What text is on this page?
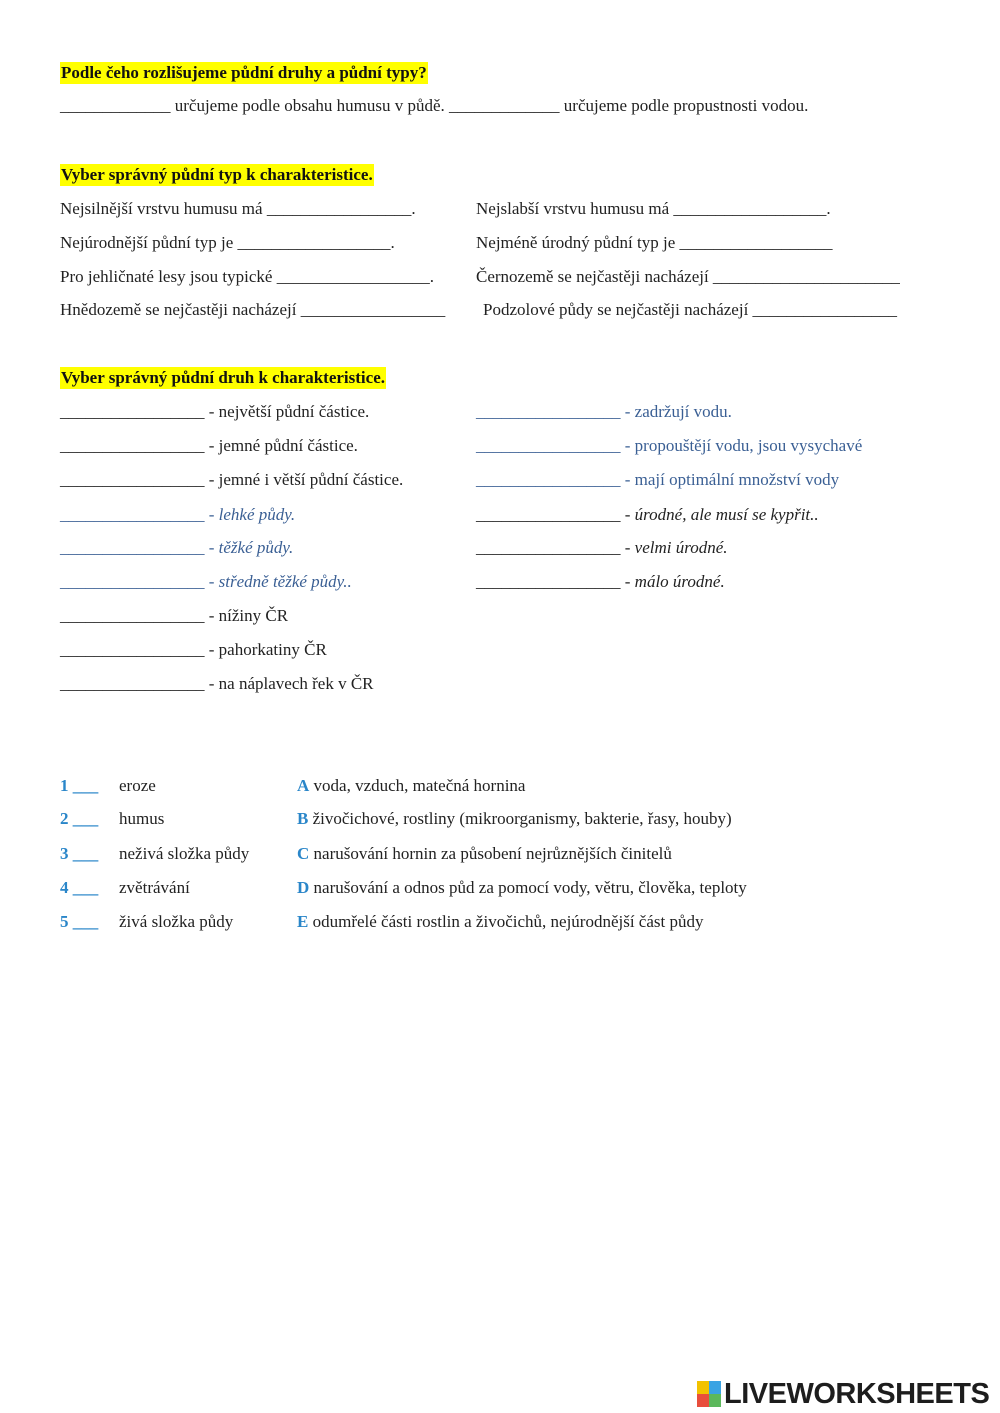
Podle čeho rozlišujeme půdní druhy a půdní typy?
_____________ určujeme podle obsahu humusu v půdě. _____________ určujeme podle propustnosti vodou.
Vyber správný půdní typ k charakteristice.
Nejsilnější vrstvu humusu má _________________.	Nejslabší vrstvu humusu má __________________.
Nejúrodnější půdní typ je __________________.	Nejméně úrodný půdní typ je __________________
Pro jehličnaté lesy jsou typické __________________. Černozemě se nejčastěji nacházejí ______________________
Hnědozemě se nejčastěji nacházejí _________________ Podzolové půdy se nejčastěji nacházejí _________________
Vyber správný půdní druh k charakteristice.
_________________ - největší půdní částice.
_________________ - jemné půdní částice.
_________________ - jemné i větší půdní částice.
_________________ - lehké půdy.
_________________ - těžké půdy.
_________________ - středně těžké půdy..
_________________ - nížiny ČR
_________________ - pahorkatiny ČR
_________________ - na náplavech řek v ČR
_________________ - zadržují vodu.
_________________ - propouštějí vodu, jsou vysychavé
_________________ - mají optimální množství vody
_________________ - úrodné, ale musí se kypřit..
_________________ - velmi úrodné.
_________________ - málo úrodné.
1 ___ eroze	A voda, vzduch, matečná hornina
2 ___ humus	B živočichové, rostliny (mikroorganismy, bakterie, řasy, houby)
3 ___ neživá složka půdy	C narušování hornin za působení nejrůznějších činitelů
4 ___ zvětrávání	D narušování a odnos půd za pomocí vody, větru, člověka, teploty
5 ___ živá složka půdy	E odumřelé části rostlin a živočichů, nejúrodnější část půdy
LIVEWORKSHEETS
